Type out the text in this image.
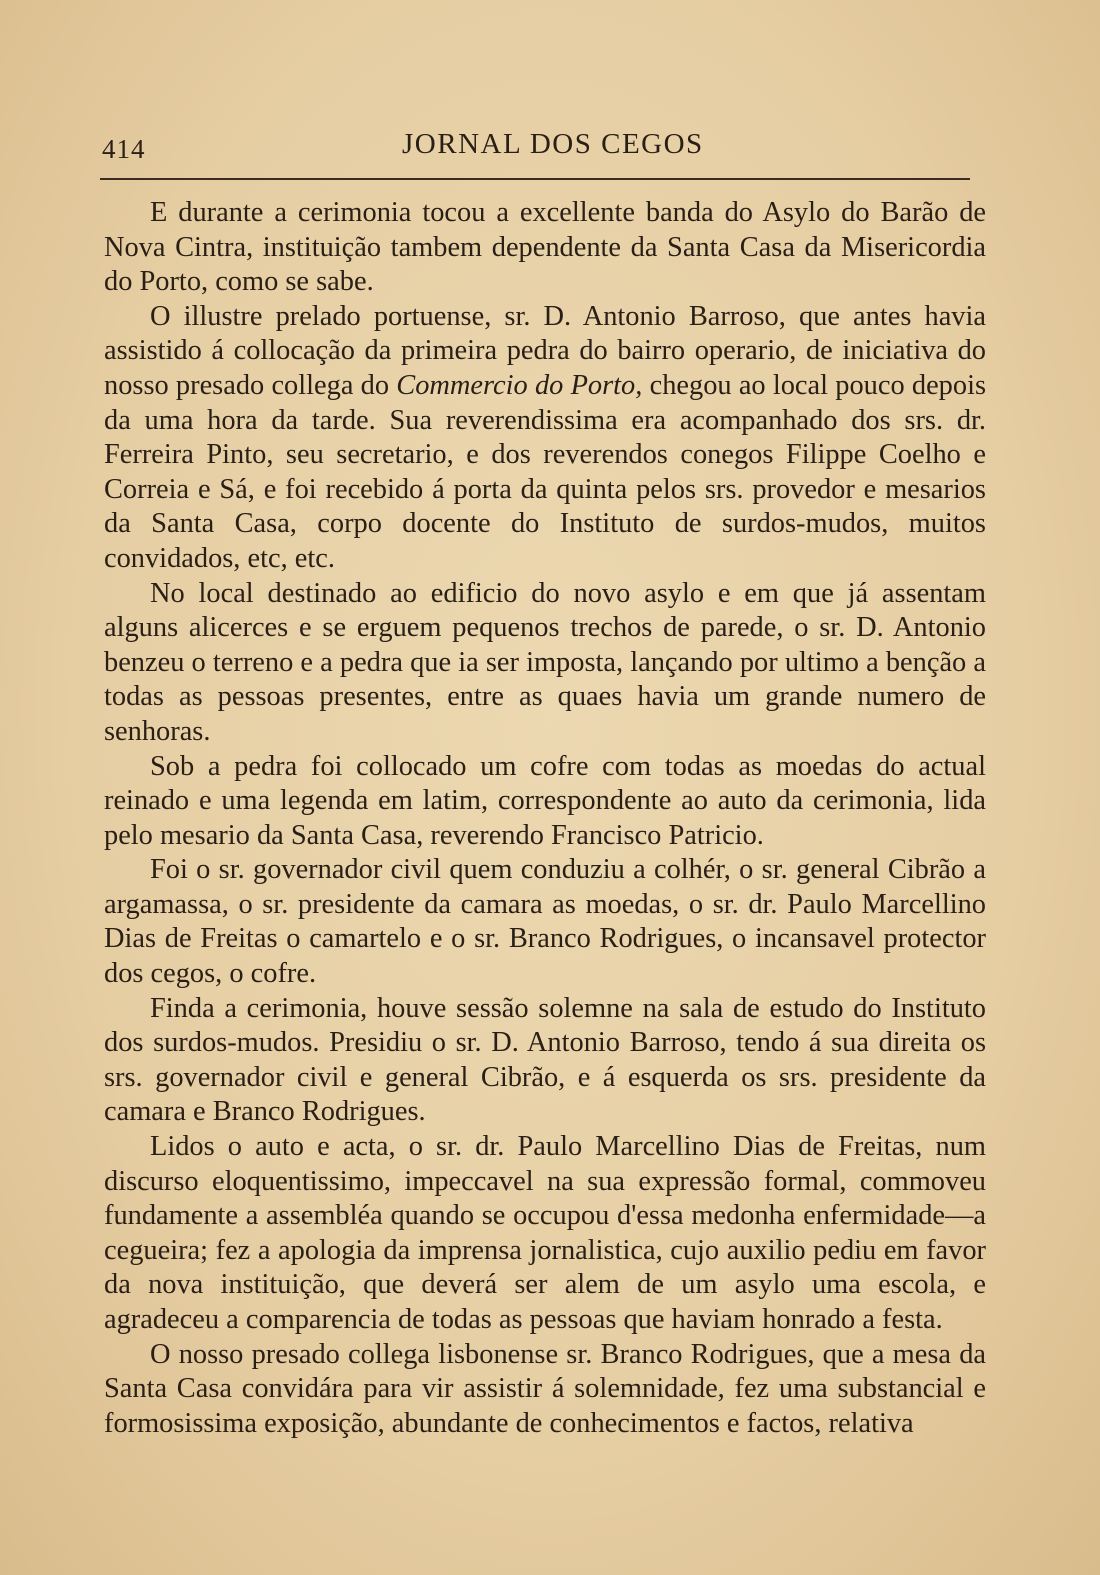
414	JORNAL DOS CEGOS

E durante a cerimonia tocou a excellente banda do Asylo do Barão de Nova Cintra, instituição tambem dependente da Santa Casa da Misericordia do Porto, como se sabe.

O illustre prelado portuense, sr. D. Antonio Barroso, que antes havia assistido á collocação da primeira pedra do bairro operario, de iniciativa do nosso presado collega do Commercio do Porto, chegou ao local pouco depois da uma hora da tarde. Sua reverendissima era acompanhado dos srs. dr. Ferreira Pinto, seu secretario, e dos reverendos conegos Filippe Coelho e Correia e Sá, e foi recebido á porta da quinta pelos srs. provedor e mesarios da Santa Casa, corpo docente do Instituto de surdos-mudos, muitos convidados, etc, etc.

No local destinado ao edificio do novo asylo e em que já assentam alguns alicerces e se erguem pequenos trechos de parede, o sr. D. Antonio benzeu o terreno e a pedra que ia ser imposta, lançando por ultimo a benção a todas as pessoas presentes, entre as quaes havia um grande numero de senhoras.

Sob a pedra foi collocado um cofre com todas as moedas do actual reinado e uma legenda em latim, correspondente ao auto da cerimonia, lida pelo mesario da Santa Casa, reverendo Francisco Patricio.

Foi o sr. governador civil quem conduziu a colhér, o sr. general Cibrão a argamassa, o sr. presidente da camara as moedas, o sr. dr. Paulo Marcellino Dias de Freitas o camartelo e o sr. Branco Rodrigues, o incansavel protector dos cegos, o cofre.

Finda a cerimonia, houve sessão solemne na sala de estudo do Instituto dos surdos-mudos. Presidiu o sr. D. Antonio Barroso, tendo á sua direita os srs. governador civil e general Cibrão, e á esquerda os srs. presidente da camara e Branco Rodrigues.

Lidos o auto e acta, o sr. dr. Paulo Marcellino Dias de Freitas, num discurso eloquentissimo, impeccavel na sua expressão formal, commoveu fundamente a assembléa quando se occupou d'essa medonha enfermidade—a cegueira; fez a apologia da imprensa jornalistica, cujo auxilio pediu em favor da nova instituição, que deverá ser alem de um asylo uma escola, e agradeceu a comparencia de todas as pessoas que haviam honrado a festa.

O nosso presado collega lisbonense sr. Branco Rodrigues, que a mesa da Santa Casa convidára para vir assistir á solemnidade, fez uma substancial e formosissima exposição, abundante de conhecimentos e factos, relativa
